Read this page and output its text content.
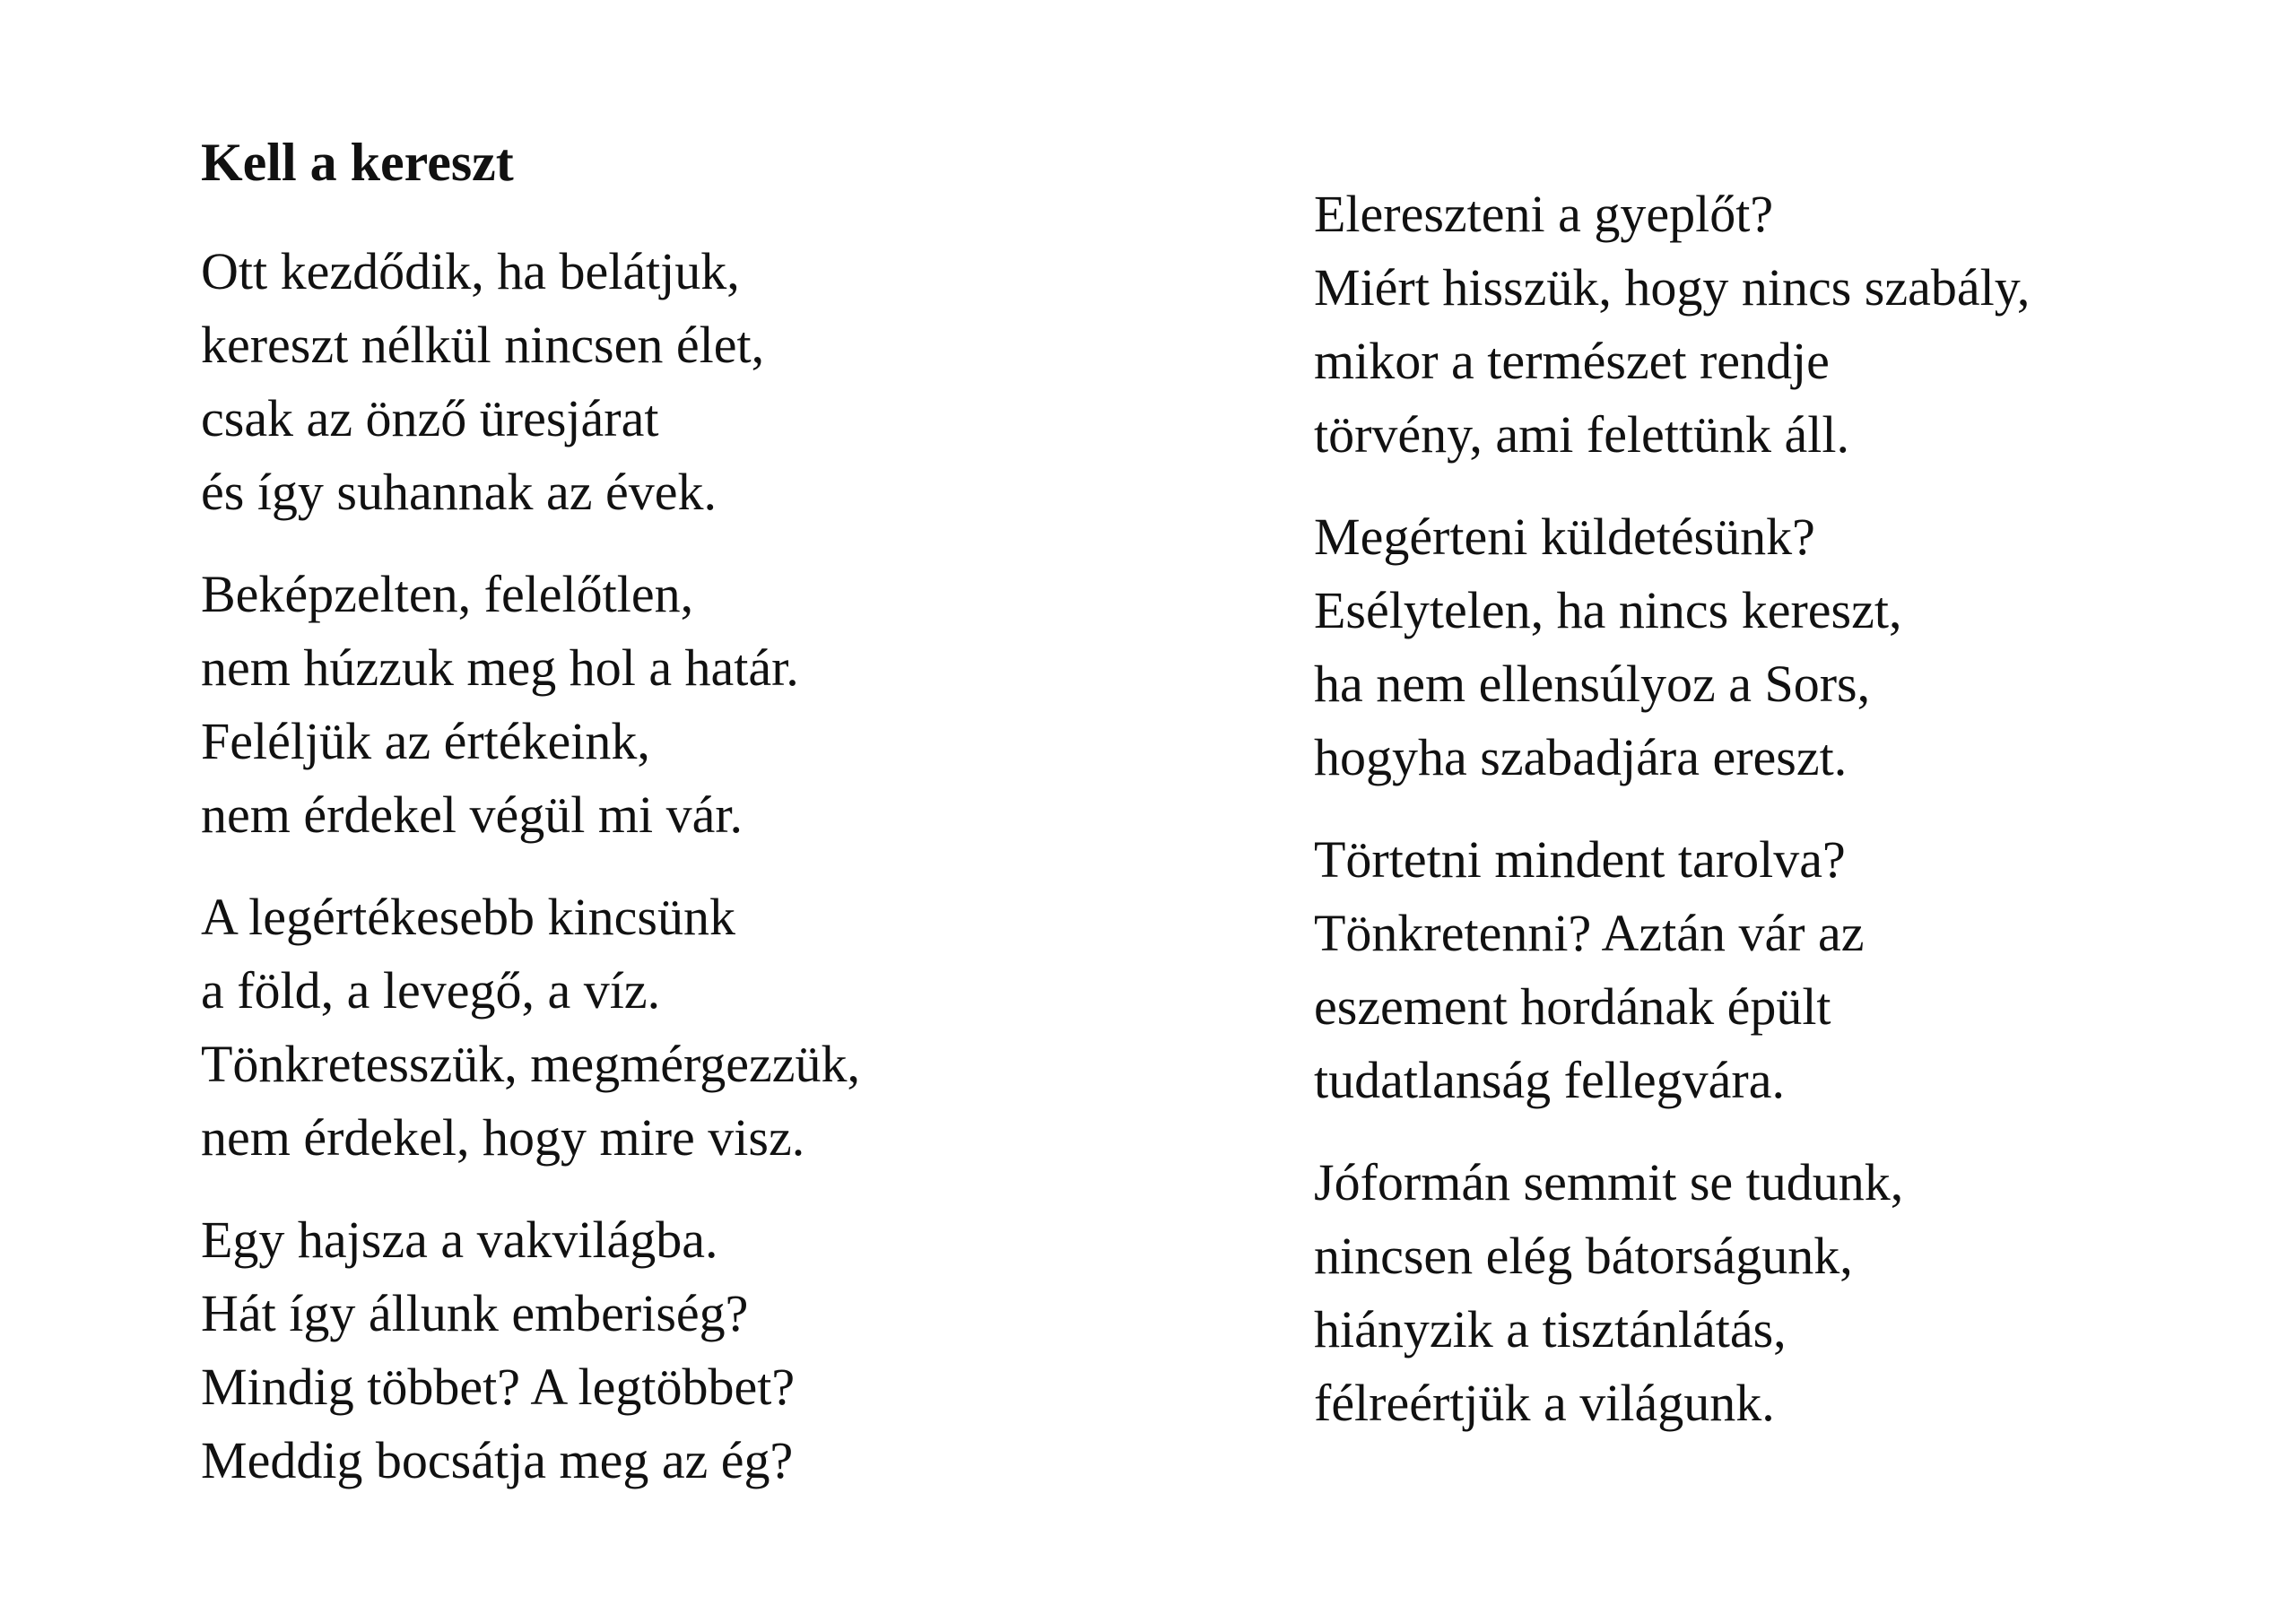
Kell a kereszt
Ott kezdődik, ha belátjuk,
kereszt nélkül nincsen élet,
csak az önző üresjárat
és így suhannak az évek.
Beképzelten, felelőtlen,
nem húzzuk meg hol a határ.
Feléljük az értékeink,
nem érdekel végül mi vár.
A legértékesebb kincsünk
a föld, a levegő, a víz.
Tönkretesszük, megmérgezzük,
nem érdekel, hogy mire visz.
Egy hajsza a vakvilágba.
Hát így állunk emberiség?
Mindig többet? A legtöbbet?
Meddig bocsátja meg az ég?
Elereszteni a gyeplőt?
Miért hisszük, hogy nincs szabály,
mikor a természet rendje
törvény, ami felettünk áll.
Megérteni küldetésünk?
Esélytelen, ha nincs kereszt,
ha nem ellensúlyoz a Sors,
hogyha szabadjára ereszt.
Törtetni mindent tarolva?
Tönkretenni? Aztán vár az
eszement hordának épült
tudatlanság fellegvára.
Jóformán semmit se tudunk,
nincsen elég bátorságunk,
hiányzik a tisztánlátás,
félreértjük a világunk.
